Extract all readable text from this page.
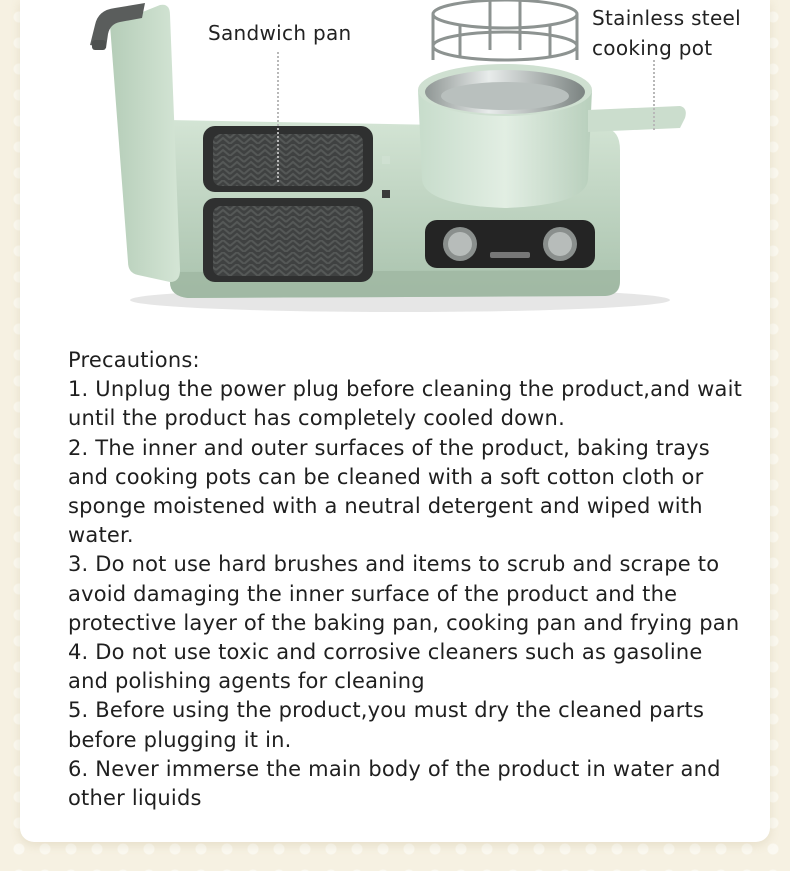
Sandwich pan
Stainless steel
cooking pot

Precautions:

1. Unplug the power plug before cleaning the product,and wait until the product has completely cooled down.

2. The inner and outer surfaces of the product, baking trays and cooking pots can be cleaned with a soft cotton cloth or sponge moistened with a neutral detergent and wiped with water.

3. Do not use hard brushes and items to scrub and scrape to avoid damaging the inner surface of the product and the protective layer of the baking pan, cooking pan and frying pan

4. Do not use toxic and corrosive cleaners such as gasoline and polishing agents for cleaning

5. Before using the product,you must dry the cleaned parts before plugging it in.

6. Never immerse the main body of the product in water and other liquids
